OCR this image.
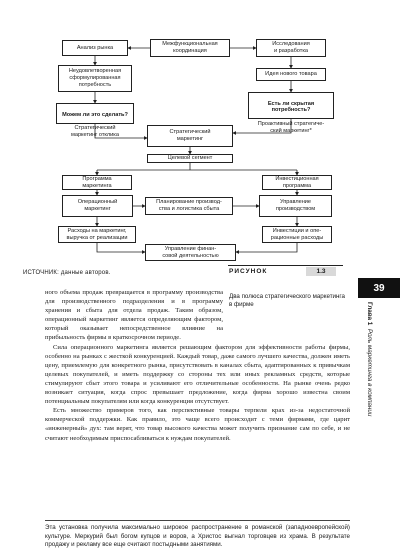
Анализ рынка
Межфункциональная
координация
Исследования
и разработка
Неудовлетворенная
сформулированная
потребность
Идея нового товара

Можем ли это сделать?

Стратегический
маркетинг отклика

Есть ли скрытая
потребность?

Проактивный стратегиче-
ский маркетинг*

Стратегический
маркетинг
Целевой сегмент
Программа
маркетинга
Инвестиционная
программа
Операционный
маркетинг
Планирование производ-
ства и логистика сбыта
Управление
производством
Расходы на маркетинг,
выручка от реализации
Инвестиции и опе-
рационные расходы
Управление финан-
совой деятельностью
ИСТОЧНИК: данные авторов.	РИСУНОК	1.3
Два полюса стратегического маркетинга в фирме
39
Глава 1  Роль маркетинга в компании

ного объема продаж превращается в программу производства для производственного подразделения и в программу хранения и сбыта для отдела продаж. Таким образом, операционный маркетинг является определяющим фактором, который оказывает непосредственное влияние на прибыльность фирмы в краткосрочном периоде.

Сила операционного маркетинга является решающим фактором для эффективности работы фирмы, особенно на рынках с жесткой конкуренцией. Каждый товар, даже самого лучшего качества, должен иметь цену, приемлемую для конкретного рынка, присутствовать в каналах сбыта, адаптированных к привычкам целевых покупателей, и иметь поддержку со стороны тех или иных рекламных средств, которые стимулируют сбыт этого товара и усиливают его отличительные особенности. На рынке очень редко возникает ситуация, когда спрос превышает предложение, когда фирма хорошо известна своим потенциальным покупателям или когда конкуренция отсутствует.

Есть множество примеров того, как перспективные товары терпели крах из-за недостаточной коммерческой поддержки. Как правило, это чаще всего происходит с теми фирмами, где царит «инженерный» дух: там верят, что товар высокого качества может получить признание сам по себе, и не считают необходимым приспосабливаться к нуждам покупателей.

Эта установка получила максимально широкое распространение в романской (западноевропейской) культуре. Меркурий был богом купцов и воров, а Христос выгнал торговцев из храма. В результате продажу и рекламу все еще считают постыдными занятиями.
